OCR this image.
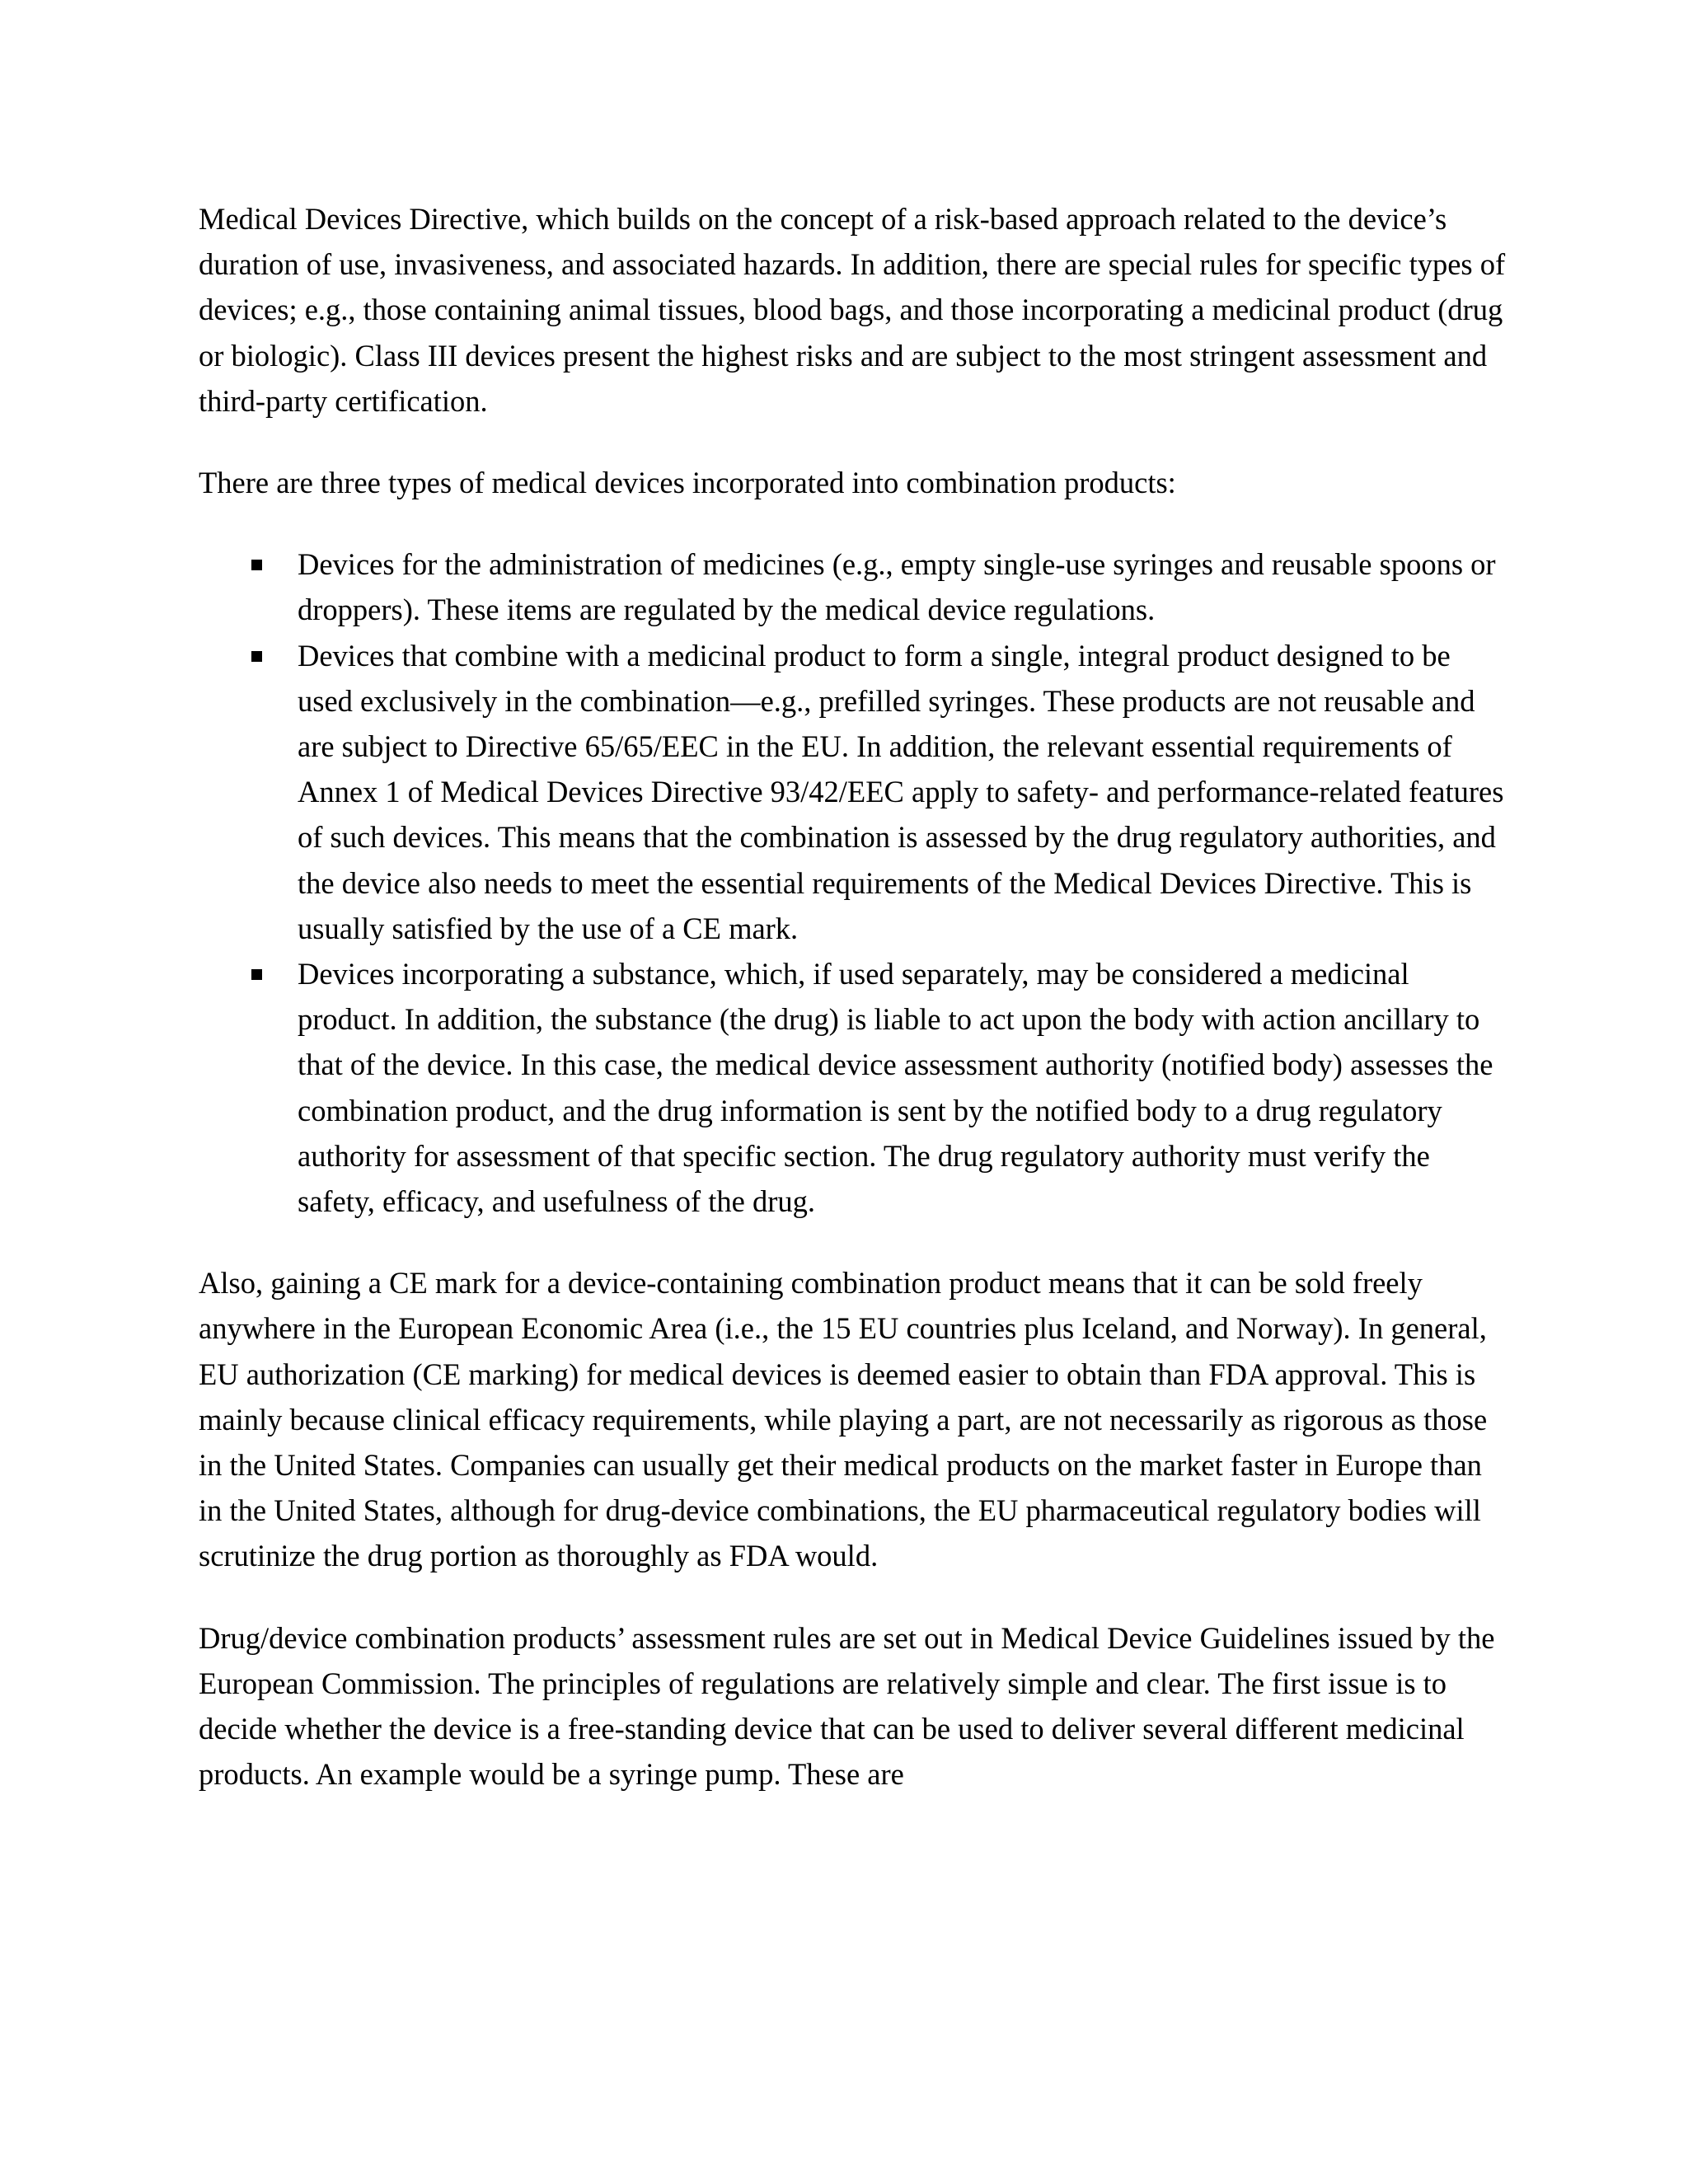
Medical Devices Directive, which builds on the concept of a risk-based approach related to the device’s duration of use, invasiveness, and associated hazards. In addition, there are special rules for specific types of devices; e.g., those containing animal tissues, blood bags, and those incorporating a medicinal product (drug or biologic). Class III devices present the highest risks and are subject to the most stringent assessment and third-party certification.

There are three types of medical devices incorporated into combination products:

Devices for the administration of medicines (e.g., empty single-use syringes and reusable spoons or droppers). These items are regulated by the medical device regulations.
Devices that combine with a medicinal product to form a single, integral product designed to be used exclusively in the combination—e.g., prefilled syringes. These products are not reusable and are subject to Directive 65/65/EEC in the EU. In addition, the relevant essential requirements of Annex 1 of Medical Devices Directive 93/42/EEC apply to safety- and performance-related features of such devices. This means that the combination is assessed by the drug regulatory authorities, and the device also needs to meet the essential requirements of the Medical Devices Directive. This is usually satisfied by the use of a CE mark.
Devices incorporating a substance, which, if used separately, may be considered a medicinal product. In addition, the substance (the drug) is liable to act upon the body with action ancillary to that of the device. In this case, the medical device assessment authority (notified body) assesses the combination product, and the drug information is sent by the notified body to a drug regulatory authority for assessment of that specific section. The drug regulatory authority must verify the safety, efficacy, and usefulness of the drug.

Also, gaining a CE mark for a device-containing combination product means that it can be sold freely anywhere in the European Economic Area (i.e., the 15 EU countries plus Iceland, and Norway). In general, EU authorization (CE marking) for medical devices is deemed easier to obtain than FDA approval. This is mainly because clinical efficacy requirements, while playing a part, are not necessarily as rigorous as those in the United States. Companies can usually get their medical products on the market faster in Europe than in the United States, although for drug-device combinations, the EU pharmaceutical regulatory bodies will scrutinize the drug portion as thoroughly as FDA would.

Drug/device combination products’ assessment rules are set out in Medical Device Guidelines issued by the European Commission. The principles of regulations are relatively simple and clear. The first issue is to decide whether the device is a free-standing device that can be used to deliver several different medicinal products. An example would be a syringe pump. These are
